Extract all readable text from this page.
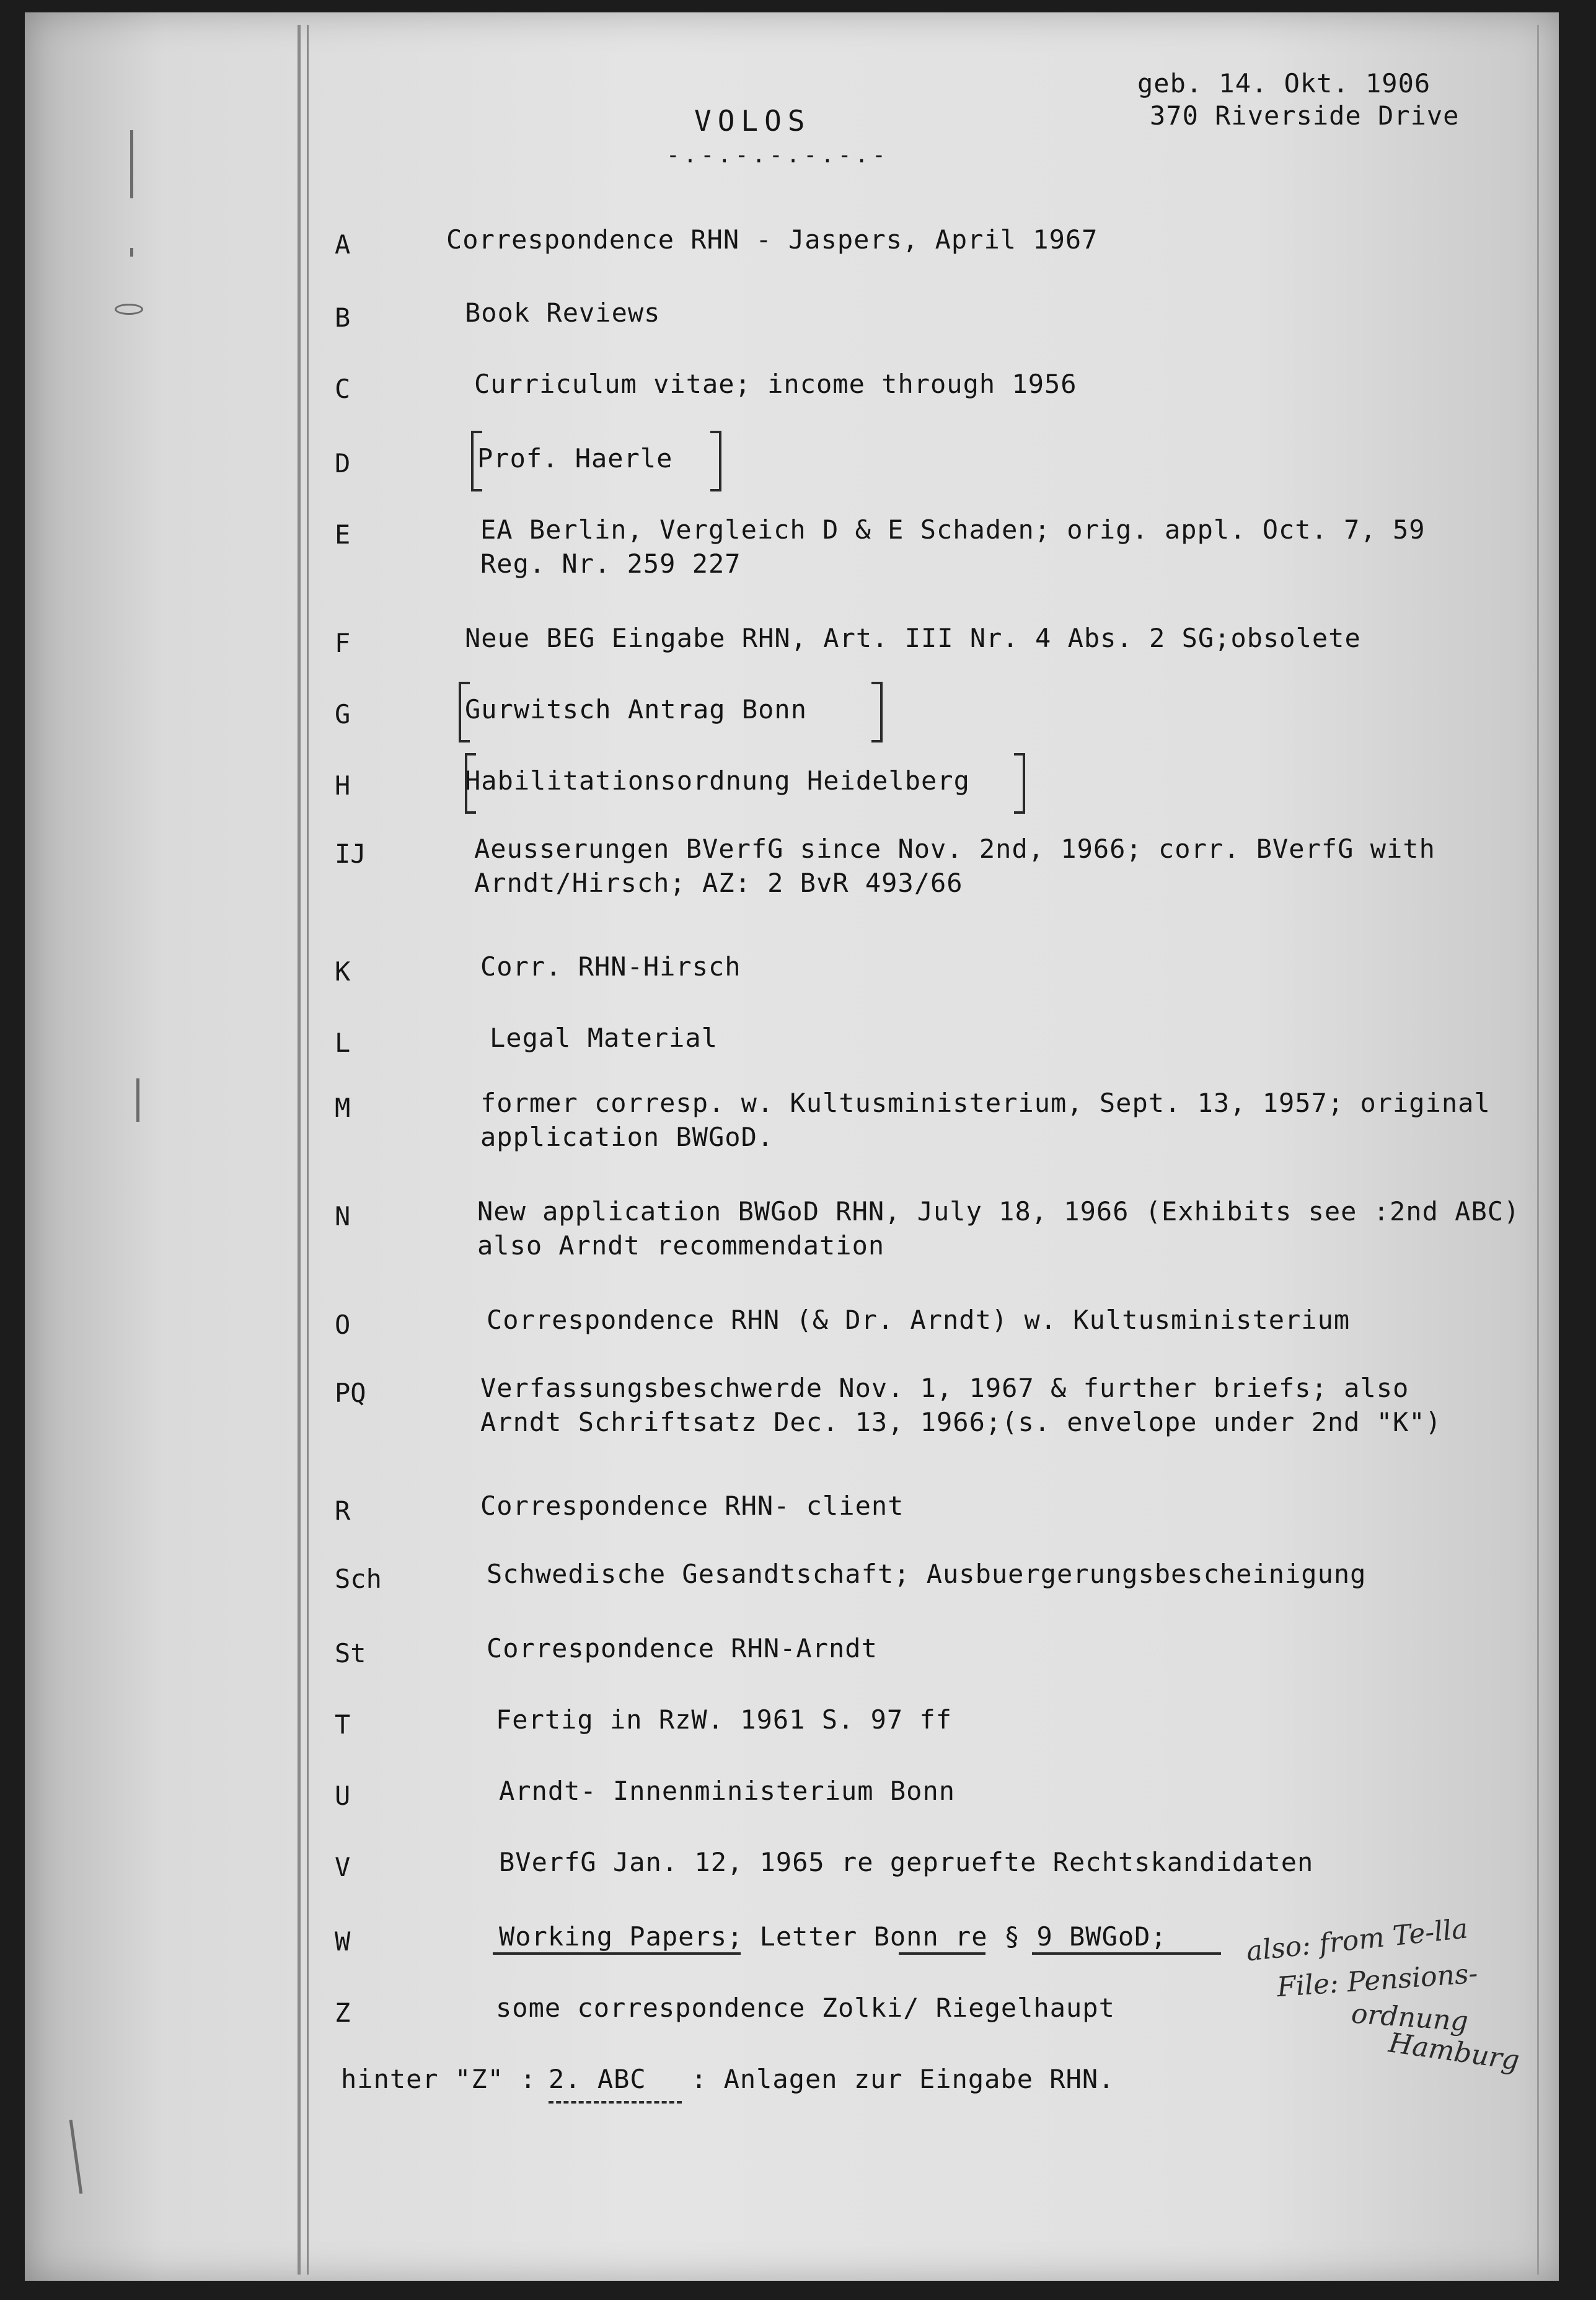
VOLOS
-.-.-.-.-.-.-
geb. 14. Okt. 1906
370 Riverside Drive
A	Correspondence RHN - Jaspers, April 1967
B	Book Reviews
C	Curriculum vitae; income through 1956
D	Prof. Haerle
E	EA Berlin, Vergleich D & E Schaden; orig. appl. Oct. 7, 59
Reg. Nr. 259 227
F	Neue BEG Eingabe RHN, Art. III Nr. 4 Abs. 2 SG;obsolete
G	Gurwitsch Antrag Bonn
H	Habilitationsordnung Heidelberg
IJ	Aeusserungen BVerfG since Nov. 2nd, 1966; corr. BVerfG with
Arndt/Hirsch; AZ: 2 BvR 493/66
K	Corr. RHN-Hirsch
L	Legal Material
M	former corresp. w. Kultusministerium, Sept. 13, 1957; original
application BWGoD.
N	New application BWGoD RHN, July 18, 1966 (Exhibits see :2nd ABC)
also Arndt recommendation
O	Correspondence RHN (& Dr. Arndt) w. Kultusministerium
PQ	Verfassungsbeschwerde Nov. 1, 1967 & further briefs; also
Arndt Schriftsatz Dec. 13, 1966;(s. envelope under 2nd "K")
R	Correspondence RHN- client
Sch	Schwedische Gesandtschaft; Ausbuergerungsbescheinigung
St	Correspondence RHN-Arndt
T	Fertig in RzW. 1961 S. 97 ff
U	Arndt- Innenministerium Bonn
V	BVerfG Jan. 12, 1965 re gepruefte Rechtskandidaten
W	Working Papers; Letter Bonn re § 9 BWGoD;
Z	some correspondence Zolki/ Riegelhaupt
hinter "Z" : 2. ABC : Anlagen zur Eingabe RHN.
also: from Te-lla
File: Pensions-
ordnung
Hamburg
